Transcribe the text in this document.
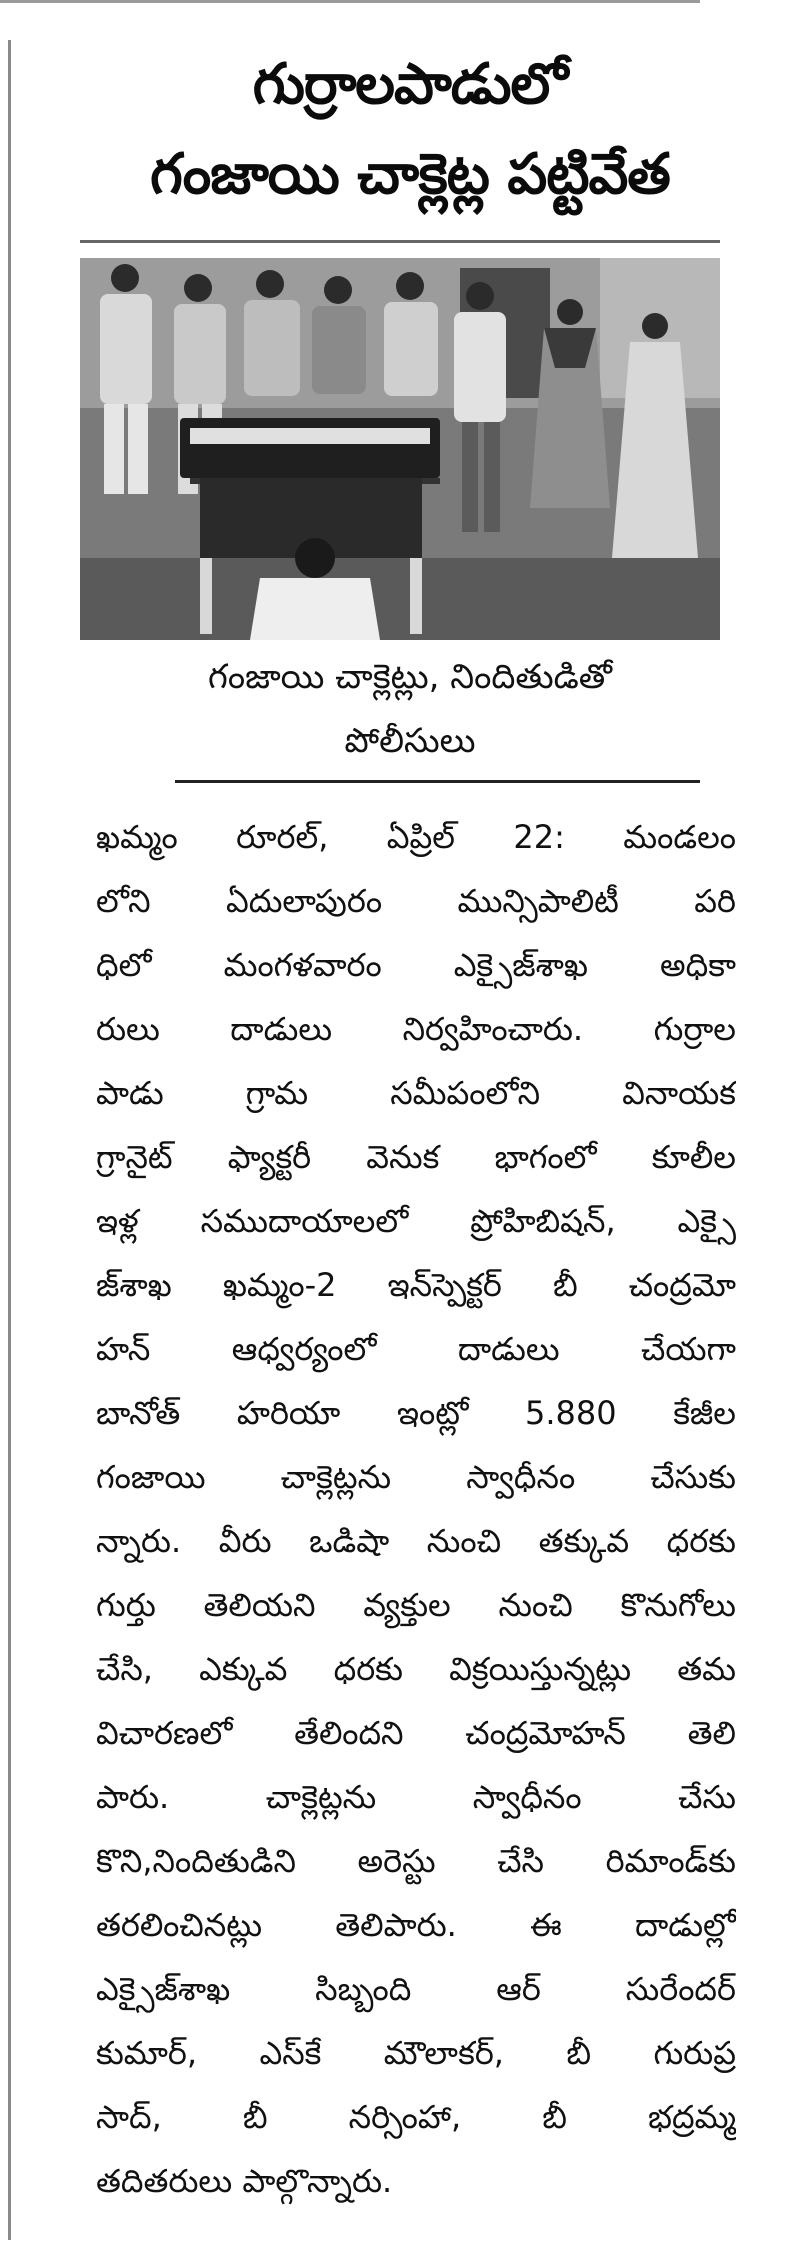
గుర్రాలపాడులో
గంజాయి చాక్లెట్ల పట్టివేత
గంజాయి చాక్లెట్లు, నిందితుడితో
పోలీసులు
ఖమ్మం రూరల్, ఏప్రిల్ 22: మండలం
లోని ఏదులాపురం మున్సిపాలిటీ పరి
ధిలో మంగళవారం ఎక్సైజ్‌శాఖ అధికా
రులు దాడులు నిర్వహించారు. గుర్రాల
పాడు గ్రామ సమీపంలోని వినాయక
గ్రానైట్ ఫ్యాక్టరీ వెనుక భాగంలో కూలీల
ఇళ్ల సముదాయాలలో ప్రోహిబిషన్, ఎక్సై
జ్‌శాఖ ఖమ్మం-2 ఇన్‌స్పెక్టర్ బీ చంద్రమో
హన్ ఆధ్వర్యంలో దాడులు చేయగా
బానోత్ హరియా ఇంట్లో 5.880 కేజీల
గంజాయి చాక్లెట్లను స్వాధీనం చేసుకు
న్నారు. వీరు ఒడిషా నుంచి తక్కువ ధరకు
గుర్తు తెలియని వ్యక్తుల నుంచి కొనుగోలు
చేసి, ఎక్కువ ధరకు విక్రయిస్తున్నట్లు తమ
విచారణలో తేలిందని చంద్రమోహన్ తెలి
పారు. చాక్లెట్లను స్వాధీనం చేసు
కొని,నిందితుడిని అరెస్టు చేసి రిమాండ్‌కు
తరలించినట్లు తెలిపారు. ఈ దాడుల్లో
ఎక్సైజ్‌శాఖ సిబ్బంది ఆర్ సురేందర్
కుమార్, ఎస్‌కే మౌలాకర్, బీ గురుప్ర
సాద్, బీ నర్సింహా, బీ భద్రమ్మ
తదితరులు పాల్గొన్నారు.
